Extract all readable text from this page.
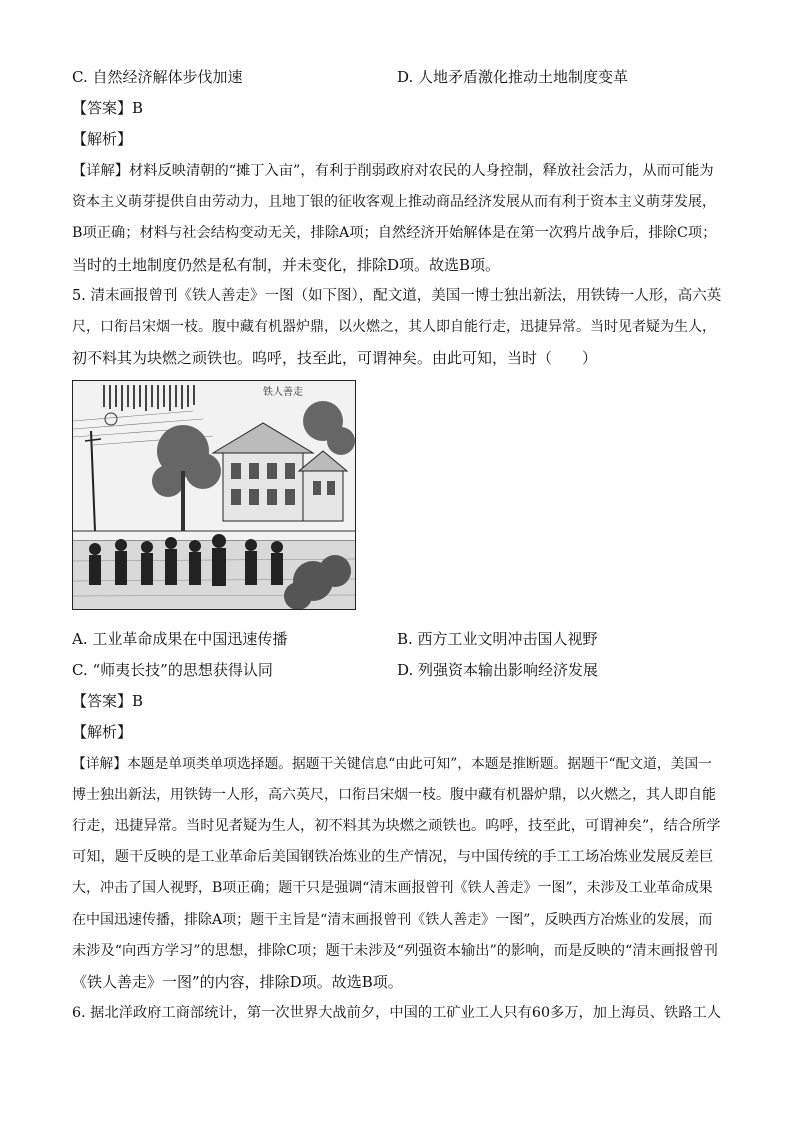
C. 自然经济解体步伐加速	D. 人地矛盾激化推动土地制度变革
【答案】B
【解析】
【详解】材料反映清朝的“摊丁入亩”，有利于削弱政府对农民的人身控制，释放社会活力，从而可能为
资本主义萌芽提供自由劳动力，且地丁银的征收客观上推动商品经济发展从而有利于资本主义萌芽发展，
B项正确；材料与社会结构变动无关，排除A项；自然经济开始解体是在第一次鸦片战争后，排除C项；
当时的土地制度仍然是私有制，并未变化，排除D项。故选B项。
5. 清末画报曾刊《铁人善走》一图（如下图），配文道，美国一博士独出新法，用铁铸一人形，高六英
尺，口衔吕宋烟一枝。腹中藏有机器炉鼎，以火燃之，其人即自能行走，迅捷异常。当时见者疑为生人，
初不料其为块燃之顽铁也。呜呼，技至此，可谓神矣。由此可知，当时（　　）
铁人善走
A. 工业革命成果在中国迅速传播	B. 西方工业文明冲击国人视野
C. “师夷长技”的思想获得认同	D. 列强资本输出影响经济发展
【答案】B
【解析】
【详解】本题是单项类单项选择题。据题干关键信息“由此可知”，本题是推断题。据题干“配文道，美国一
博士独出新法，用铁铸一人形，高六英尺，口衔吕宋烟一枝。腹中藏有机器炉鼎，以火燃之，其人即自能
行走，迅捷异常。当时见者疑为生人，初不料其为块燃之顽铁也。呜呼，技至此，可谓神矣”，结合所学
可知，题干反映的是工业革命后美国钢铁冶炼业的生产情况，与中国传统的手工工场冶炼业发展反差巨
大，冲击了国人视野，B项正确；题干只是强调“清末画报曾刊《铁人善走》一图”，未涉及工业革命成果
在中国迅速传播，排除A项；题干主旨是“清末画报曾刊《铁人善走》一图”，反映西方冶炼业的发展，而
未涉及“向西方学习”的思想，排除C项；题干未涉及“列强资本输出”的影响，而是反映的“清末画报曾刊
《铁人善走》一图”的内容，排除D项。故选B项。
6. 据北洋政府工商部统计，第一次世界大战前夕，中国的工矿业工人只有60多万，加上海员、铁路工人
